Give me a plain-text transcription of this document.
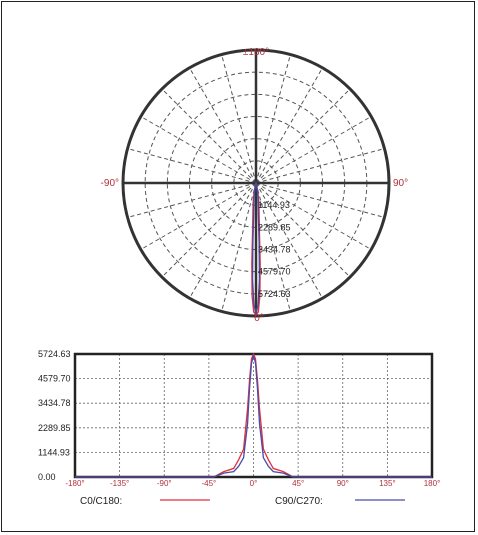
±180°
-90°	90°
0°
1144.93
2289.85
3434.78
4579.70
5724.63
0.00
1144.93
2289.85
3434.78
4579.70
5724.63
-180°	-135°	-90°	-45°	0°	45°	90°	135°	180°
C0/C180:	C90/C270:
